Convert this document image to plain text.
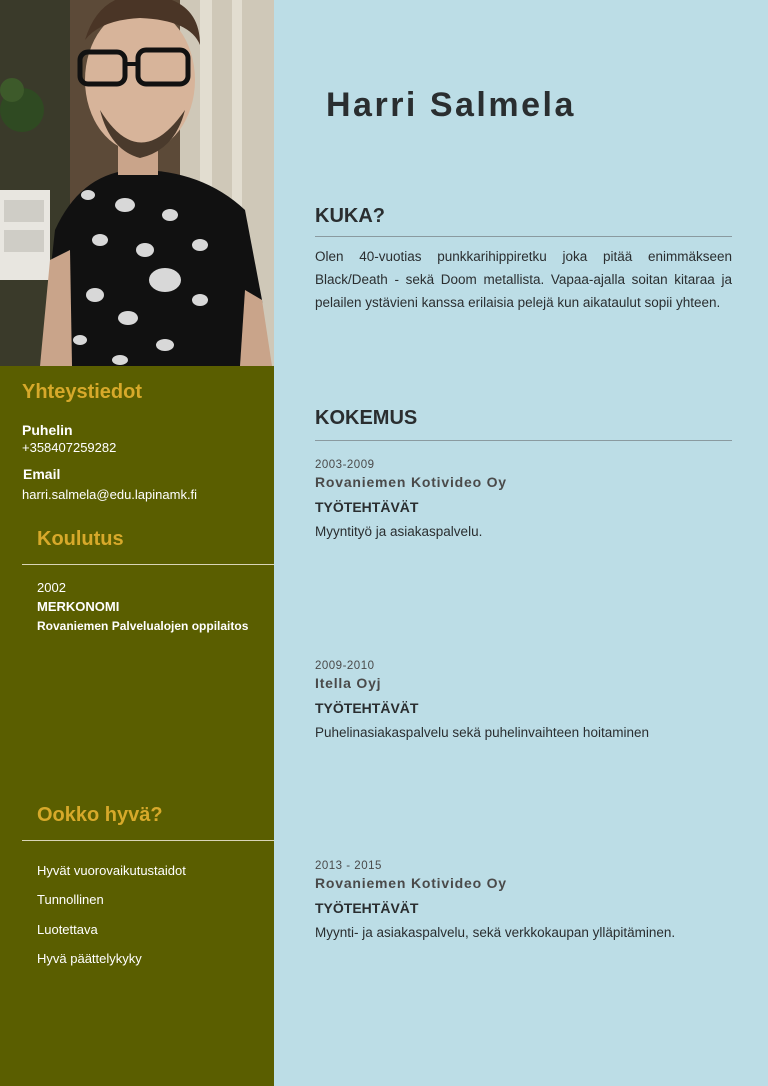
Yhteystiedot

Puhelin

+358407259282

Email

harri.salmela@edu.lapinamk.fi

Koulutus

2002

MERKONOMI

Rovaniemen Palvelualojen oppilaitos

Ookko hyvä?

Hyvät vuorovaikutustaidot

Tunnollinen

Luotettava

Hyvä päättelykyky

Harri Salmela
KUKA?

Olen 40-vuotias punkkarihippiretku joka pitää enimmäkseen Black/Death - sekä Doom metallista. Vapaa-ajalla soitan kitaraa ja pelailen ystävieni kanssa erilaisia pelejä kun aikataulut sopii yhteen.

KOKEMUS

2003-2009

Rovaniemen Kotivideo Oy

TYÖTEHTÄVÄT

Myyntityö ja asiakaspalvelu.

2009-2010

Itella Oyj

TYÖTEHTÄVÄT

Puhelinasiakaspalvelu sekä puhelinvaihteen hoitaminen

2013 - 2015

Rovaniemen Kotivideo Oy

TYÖTEHTÄVÄT

Myynti- ja asiakaspalvelu, sekä verkkokaupan ylläpitäminen.
